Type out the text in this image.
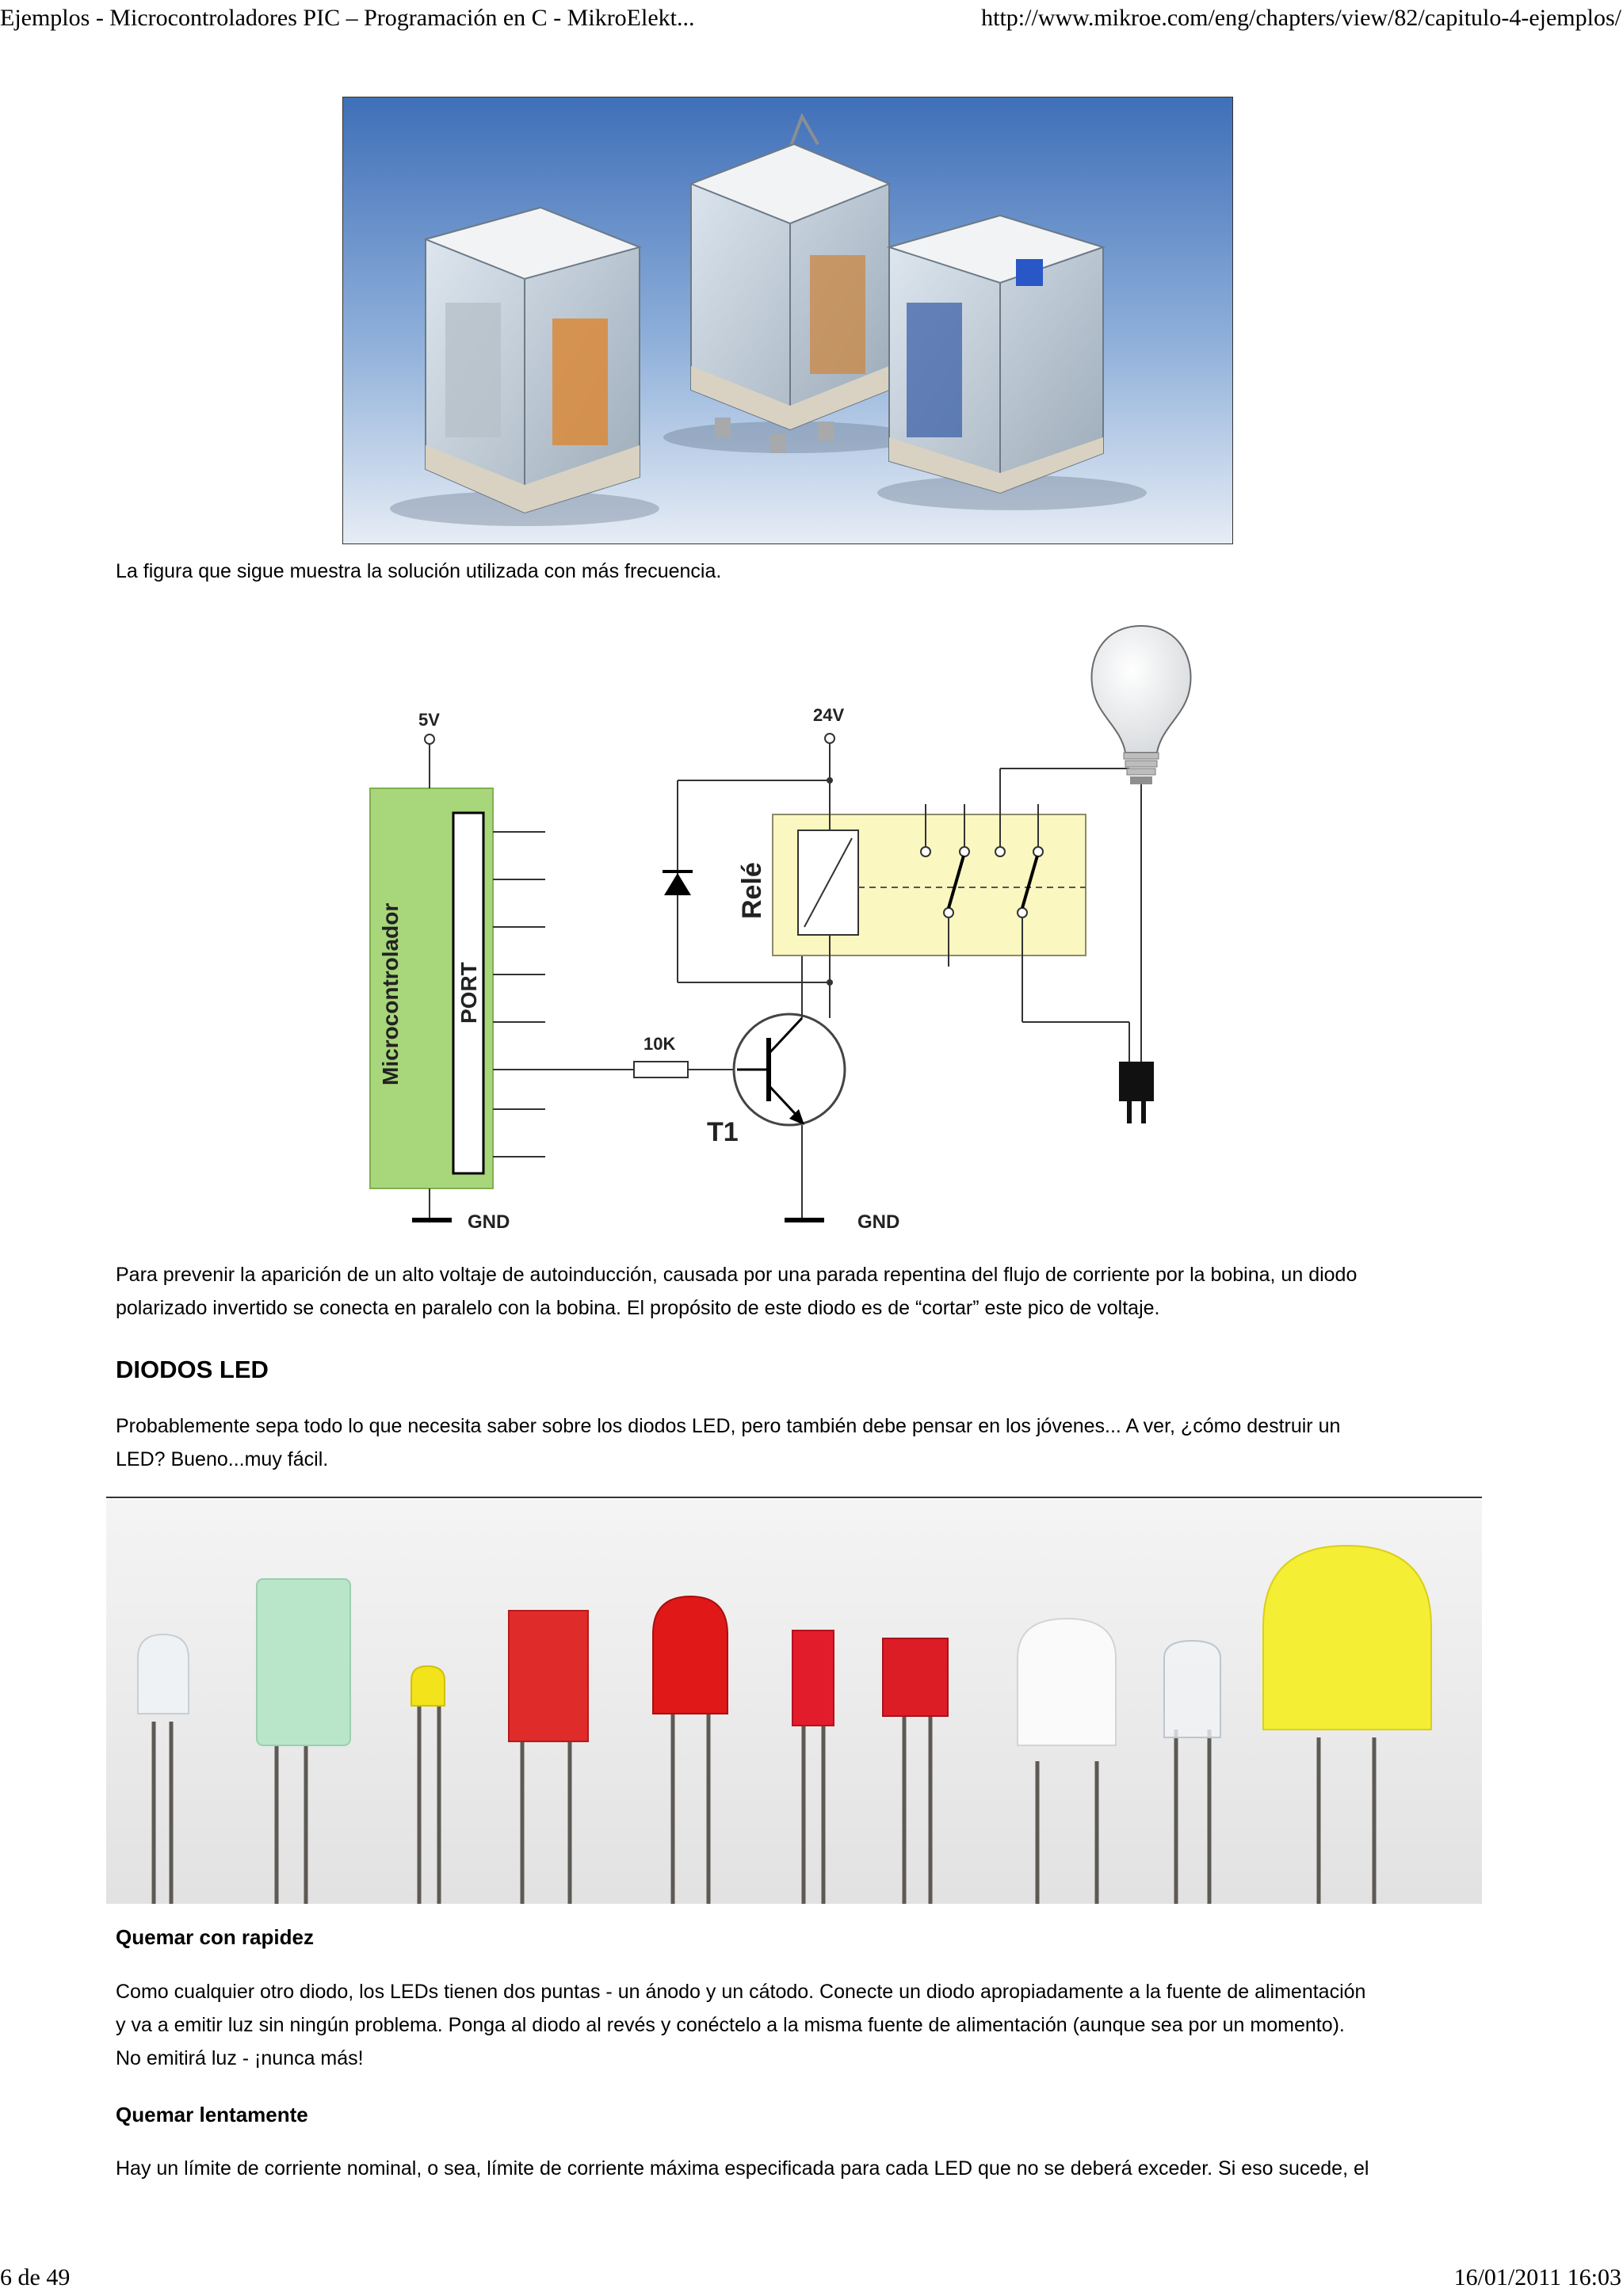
Ejemplos - Microcontroladores PIC – Programación en C - MikroElekt...	http://www.mikroe.com/eng/chapters/view/82/capitulo-4-ejemplos/

La figura que sigue muestra la solución utilizada con más frecuencia.

Microcontrolador PORT
5V
10K
T1
GND	GND
24V
Relé

Para prevenir la aparición de un alto voltaje de autoinducción, causada por una parada repentina del flujo de corriente por la bobina, un diodo
polarizado invertido se conecta en paralelo con la bobina. El propósito de este diodo es de “cortar” este pico de voltaje.

DIODOS LED

Probablemente sepa todo lo que necesita saber sobre los diodos LED, pero también debe pensar en los jóvenes... A ver, ¿cómo destruir un
LED? Bueno...muy fácil.

Quemar con rapidez

Como cualquier otro diodo, los LEDs tienen dos puntas - un ánodo y un cátodo. Conecte un diodo apropiadamente a la fuente de alimentación
y va a emitir luz sin ningún problema. Ponga al diodo al revés y conéctelo a la misma fuente de alimentación (aunque sea por un momento).
No emitirá luz - ¡nunca más!

Quemar lentamente

Hay un límite de corriente nominal, o sea, límite de corriente máxima especificada para cada LED que no se deberá exceder. Si eso sucede, el

6 de 49	16/01/2011 16:03
